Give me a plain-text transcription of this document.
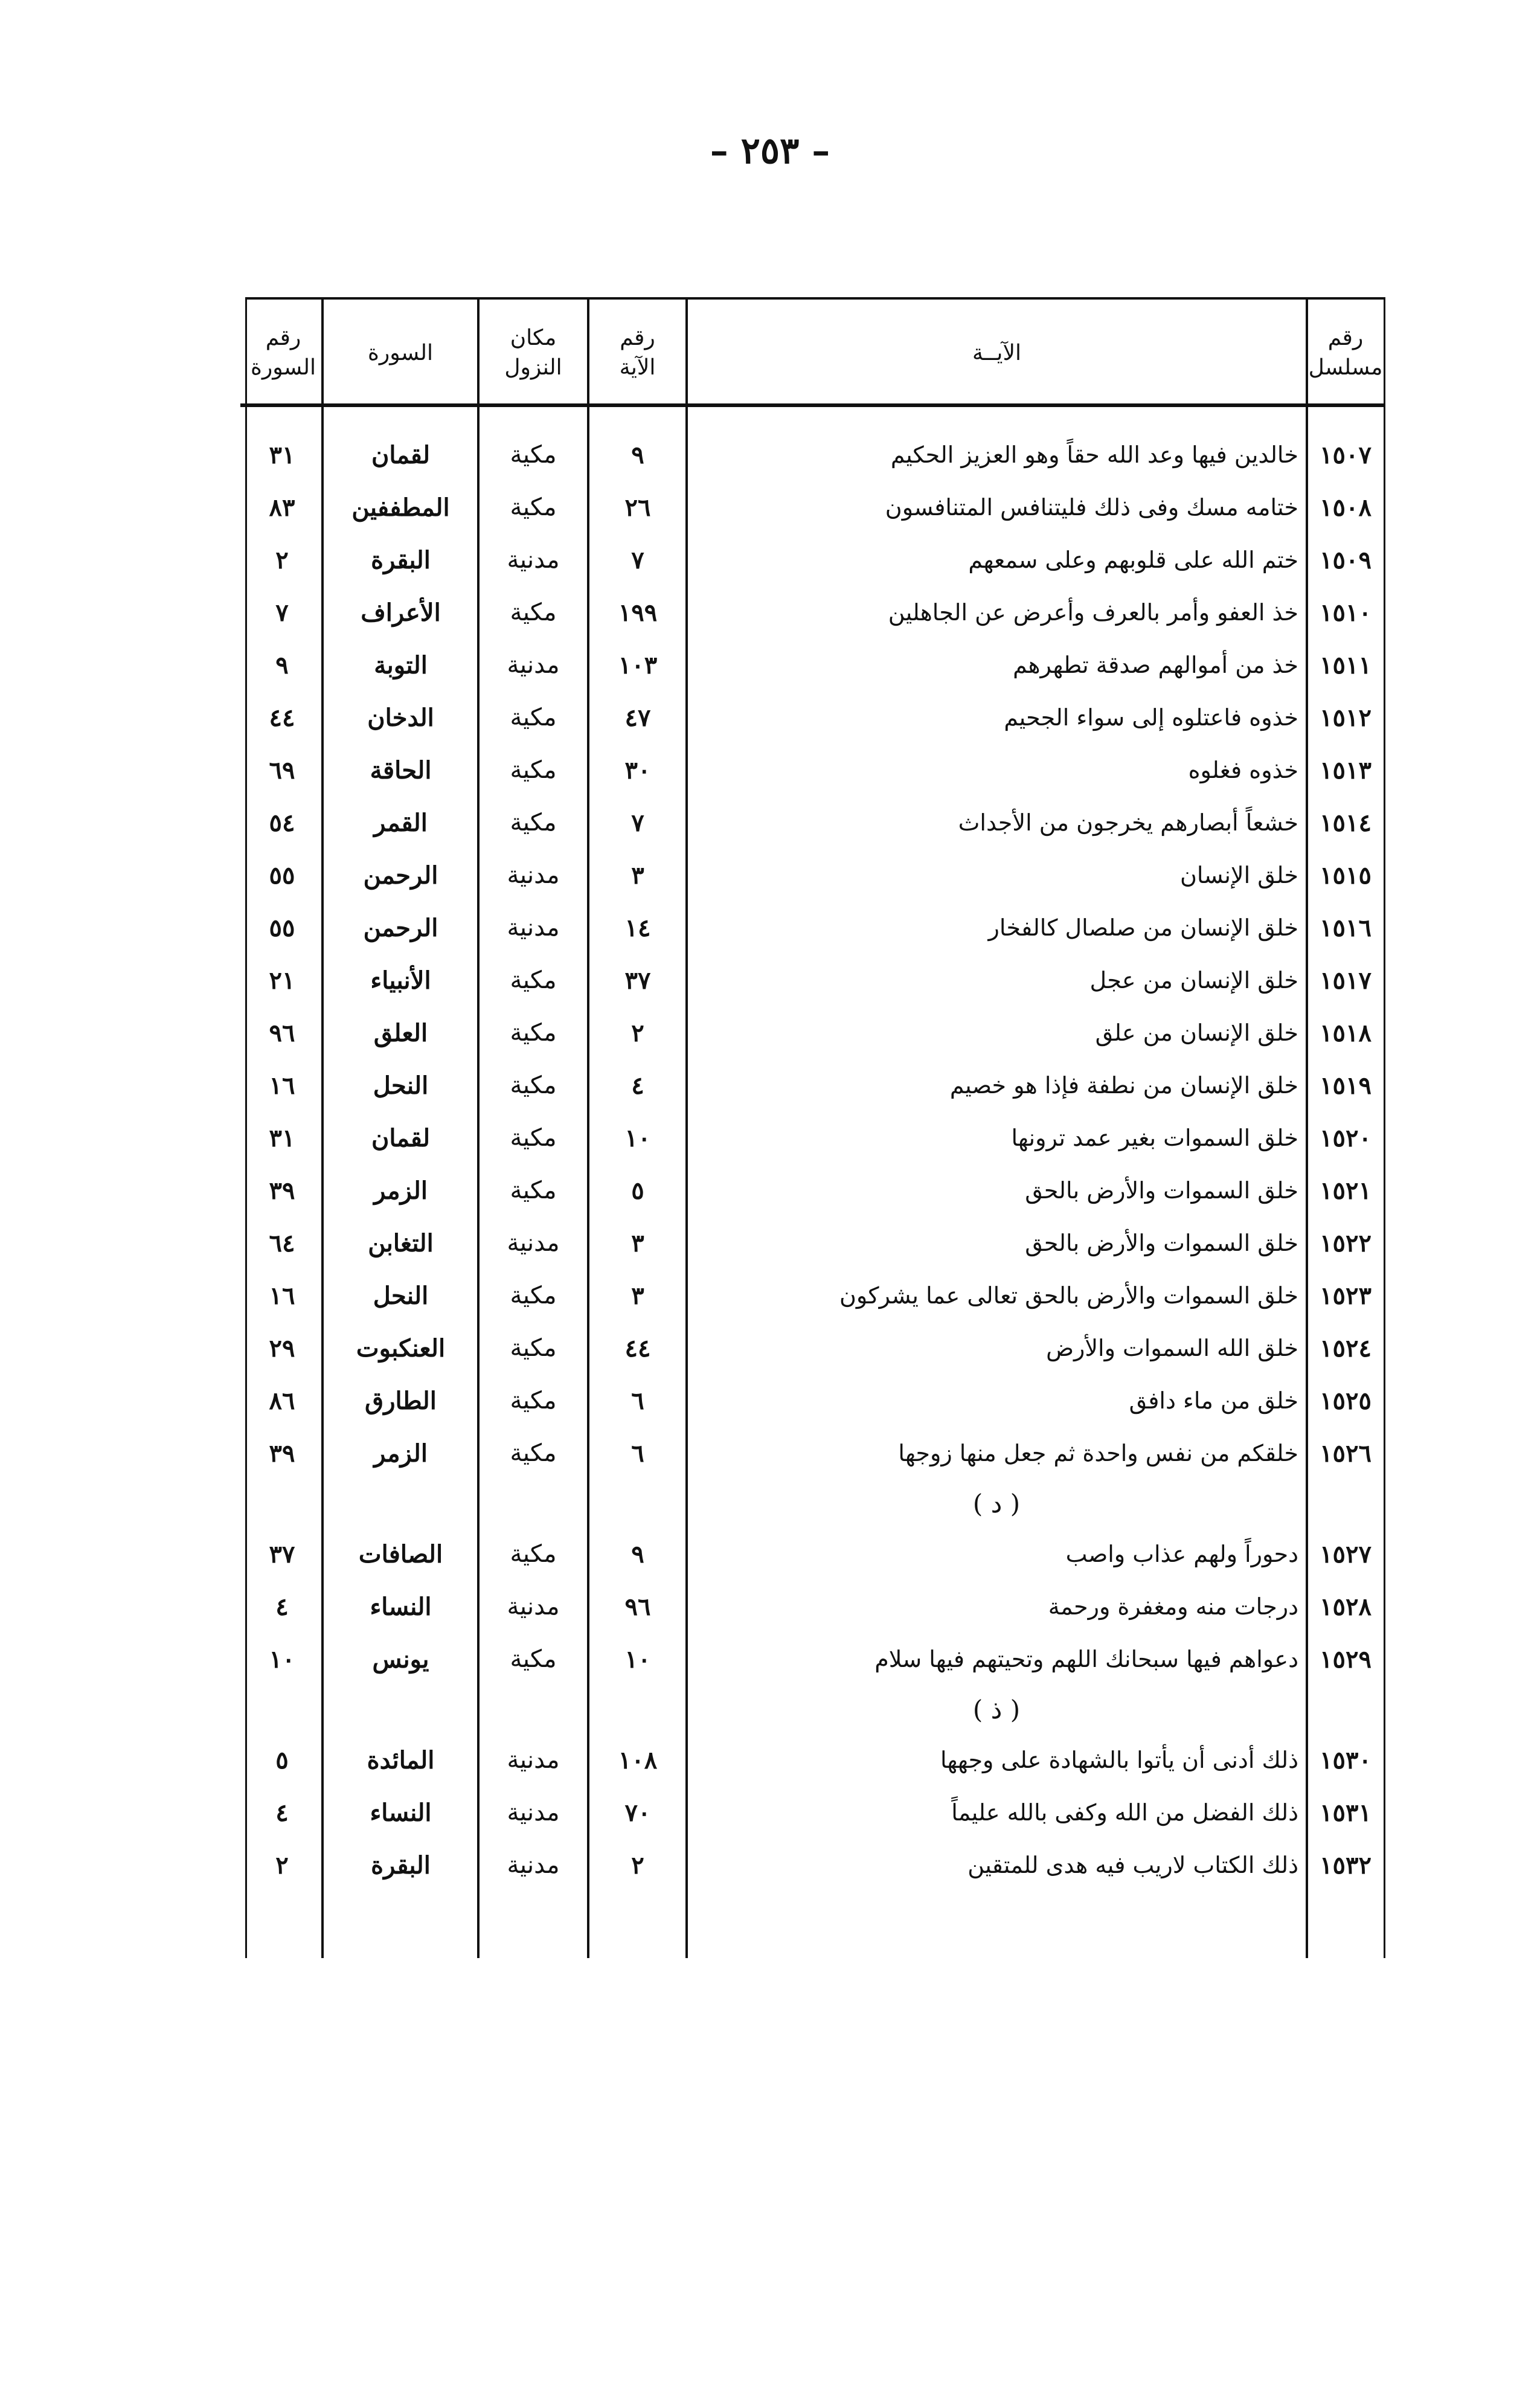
– ٢٥٣ –
رقم
مسلسل
الآيــة
رقم
الآية
مكان
النزول
السورة
رقم
السورة
١٥٠٧
خالدين فيها وعد الله حقاً وهو العزيز الحكيم
٩
مكية
لقمان
٣١
١٥٠٨
ختامه مسك وفى ذلك فليتنافس المتنافسون
٢٦
مكية
المطففين
٨٣
١٥٠٩
ختم الله على قلوبهم وعلى سمعهم
٧
مدنية
البقرة
٢
١٥١٠
خذ العفو وأمر بالعرف وأعرض عن الجاهلين
١٩٩
مكية
الأعراف
٧
١٥١١
خذ من أموالهم صدقة تطهرهم
١٠٣
مدنية
التوبة
٩
١٥١٢
خذوه فاعتلوه إلى سواء الجحيم
٤٧
مكية
الدخان
٤٤
١٥١٣
خذوه فغلوه
٣٠
مكية
الحاقة
٦٩
١٥١٤
خشعاً أبصارهم يخرجون من الأجداث
٧
مكية
القمر
٥٤
١٥١٥
خلق الإنسان
٣
مدنية
الرحمن
٥٥
١٥١٦
خلق الإنسان من صلصال كالفخار
١٤
مدنية
الرحمن
٥٥
١٥١٧
خلق الإنسان من عجل
٣٧
مكية
الأنبياء
٢١
١٥١٨
خلق الإنسان من علق
٢
مكية
العلق
٩٦
١٥١٩
خلق الإنسان من نطفة فإذا هو خصيم
٤
مكية
النحل
١٦
١٥٢٠
خلق السموات بغير عمد ترونها
١٠
مكية
لقمان
٣١
١٥٢١
خلق السموات والأرض بالحق
٥
مكية
الزمر
٣٩
١٥٢٢
خلق السموات والأرض بالحق
٣
مدنية
التغابن
٦٤
١٥٢٣
خلق السموات والأرض بالحق تعالى عما يشركون
٣
مكية
النحل
١٦
١٥٢٤
خلق الله السموات والأرض
٤٤
مكية
العنكبوت
٢٩
١٥٢٥
خلق من ماء دافق
٦
مكية
الطارق
٨٦
١٥٢٦
خلقكم من نفس واحدة ثم جعل منها زوجها
٦
مكية
الزمر
٣٩
( د )
١٥٢٧
دحوراً ولهم عذاب واصب
٩
مكية
الصافات
٣٧
١٥٢٨
درجات منه ومغفرة ورحمة
٩٦
مدنية
النساء
٤
١٥٢٩
دعواهم فيها سبحانك اللهم وتحيتهم فيها سلام
١٠
مكية
يونس
١٠
( ذ )
١٥٣٠
ذلك أدنى أن يأتوا بالشهادة على وجهها
١٠٨
مدنية
المائدة
٥
١٥٣١
ذلك الفضل من الله وكفى بالله عليماً
٧٠
مدنية
النساء
٤
١٥٣٢
ذلك الكتاب لاريب فيه هدى للمتقين
٢
مدنية
البقرة
٢
